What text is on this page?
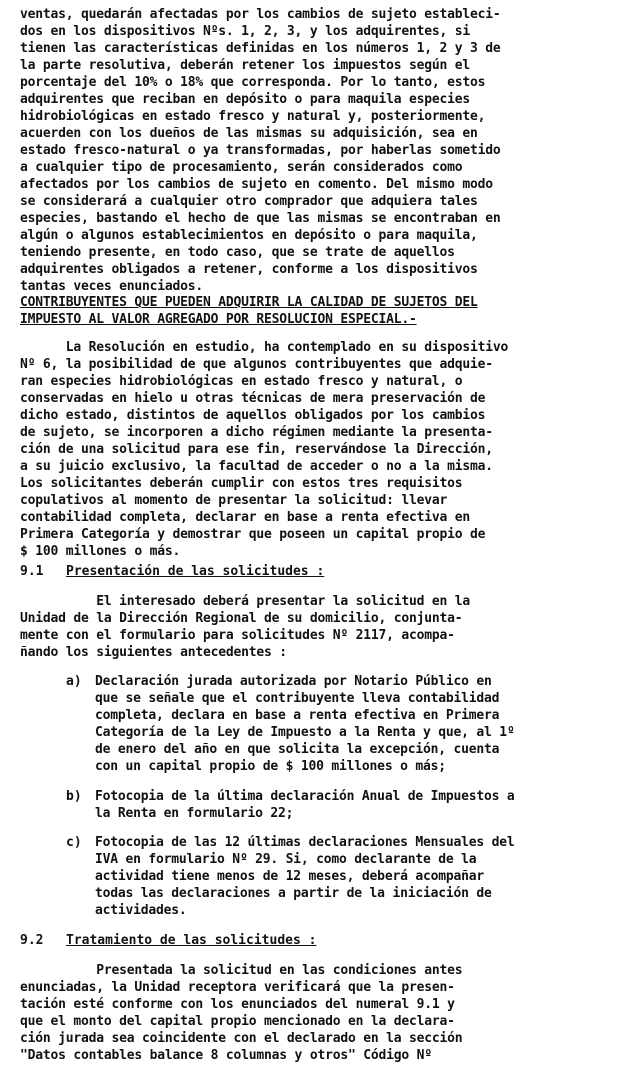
ventas, quedarán afectadas por los cambios de sujeto estableci-
dos en los dispositivos Nºs. 1, 2, 3, y los adquirentes, si
tienen las características definidas en los números 1, 2 y 3 de
la parte resolutiva, deberán retener los impuestos según el
porcentaje del 10% o 18% que corresponda. Por lo tanto, estos
adquirentes que reciban en depósito o para maquila especies
hidrobiológicas en estado fresco y natural y, posteriormente,
acuerden con los dueños de las mismas su adquisición, sea en
estado fresco-natural o ya transformadas, por haberlas sometido
a cualquier tipo de procesamiento, serán considerados como
afectados por los cambios de sujeto en comento. Del mismo modo
se considerará a cualquier otro comprador que adquiera tales
especies, bastando el hecho de que las mismas se encontraban en
algún o algunos establecimientos en depósito o para maquila,
teniendo presente, en todo caso, que se trate de aquellos
adquirentes obligados a retener, conforme a los dispositivos
tantas veces enunciados.
CONTRIBUYENTES QUE PUEDEN ADQUIRIR LA CALIDAD DE SUJETOS DEL
IMPUESTO AL VALOR AGREGADO POR RESOLUCION ESPECIAL.-
La Resolución en estudio, ha contemplado en su dispositivo
Nº 6, la posibilidad de que algunos contribuyentes que adquie-
ran especies hidrobiológicas en estado fresco y natural, o
conservadas en hielo u otras técnicas de mera preservación de
dicho estado, distintos de aquellos obligados por los cambios
de sujeto, se incorporen a dicho régimen mediante la presenta-
ción de una solicitud para ese fin, reservándose la Dirección,
a su juicio exclusivo, la facultad de acceder o no a la misma.
Los solicitantes deberán cumplir con estos tres requisitos
copulativos al momento de presentar la solicitud: llevar
contabilidad completa, declarar en base a renta efectiva en
Primera Categoría y demostrar que poseen un capital propio de
$ 100 millones o más.
9.1 Presentación de las solicitudes :
El interesado deberá presentar la solicitud en la
Unidad de la Dirección Regional de su domicilio, conjunta-
mente con el formulario para solicitudes Nº 2117, acompa-
ñando los siguientes antecedentes :
a) Declaración jurada autorizada por Notario Público en
que se señale que el contribuyente lleva contabilidad
completa, declara en base a renta efectiva en Primera
Categoría de la Ley de Impuesto a la Renta y que, al 1º
de enero del año en que solicita la excepción, cuenta
con un capital propio de $ 100 millones o más;
b) Fotocopia de la última declaración Anual de Impuestos a
la Renta en formulario 22;
c) Fotocopia de las 12 últimas declaraciones Mensuales del
IVA en formulario Nº 29. Si, como declarante de la
actividad tiene menos de 12 meses, deberá acompañar
todas las declaraciones a partir de la iniciación de
actividades.
9.2 Tratamiento de las solicitudes :
Presentada la solicitud en las condiciones antes
enunciadas, la Unidad receptora verificará que la presen-
tación esté conforme con los enunciados del numeral 9.1 y
que el monto del capital propio mencionado en la declara-
ción jurada sea coincidente con el declarado en la sección
"Datos contables balance 8 columnas y otros" Código Nº
